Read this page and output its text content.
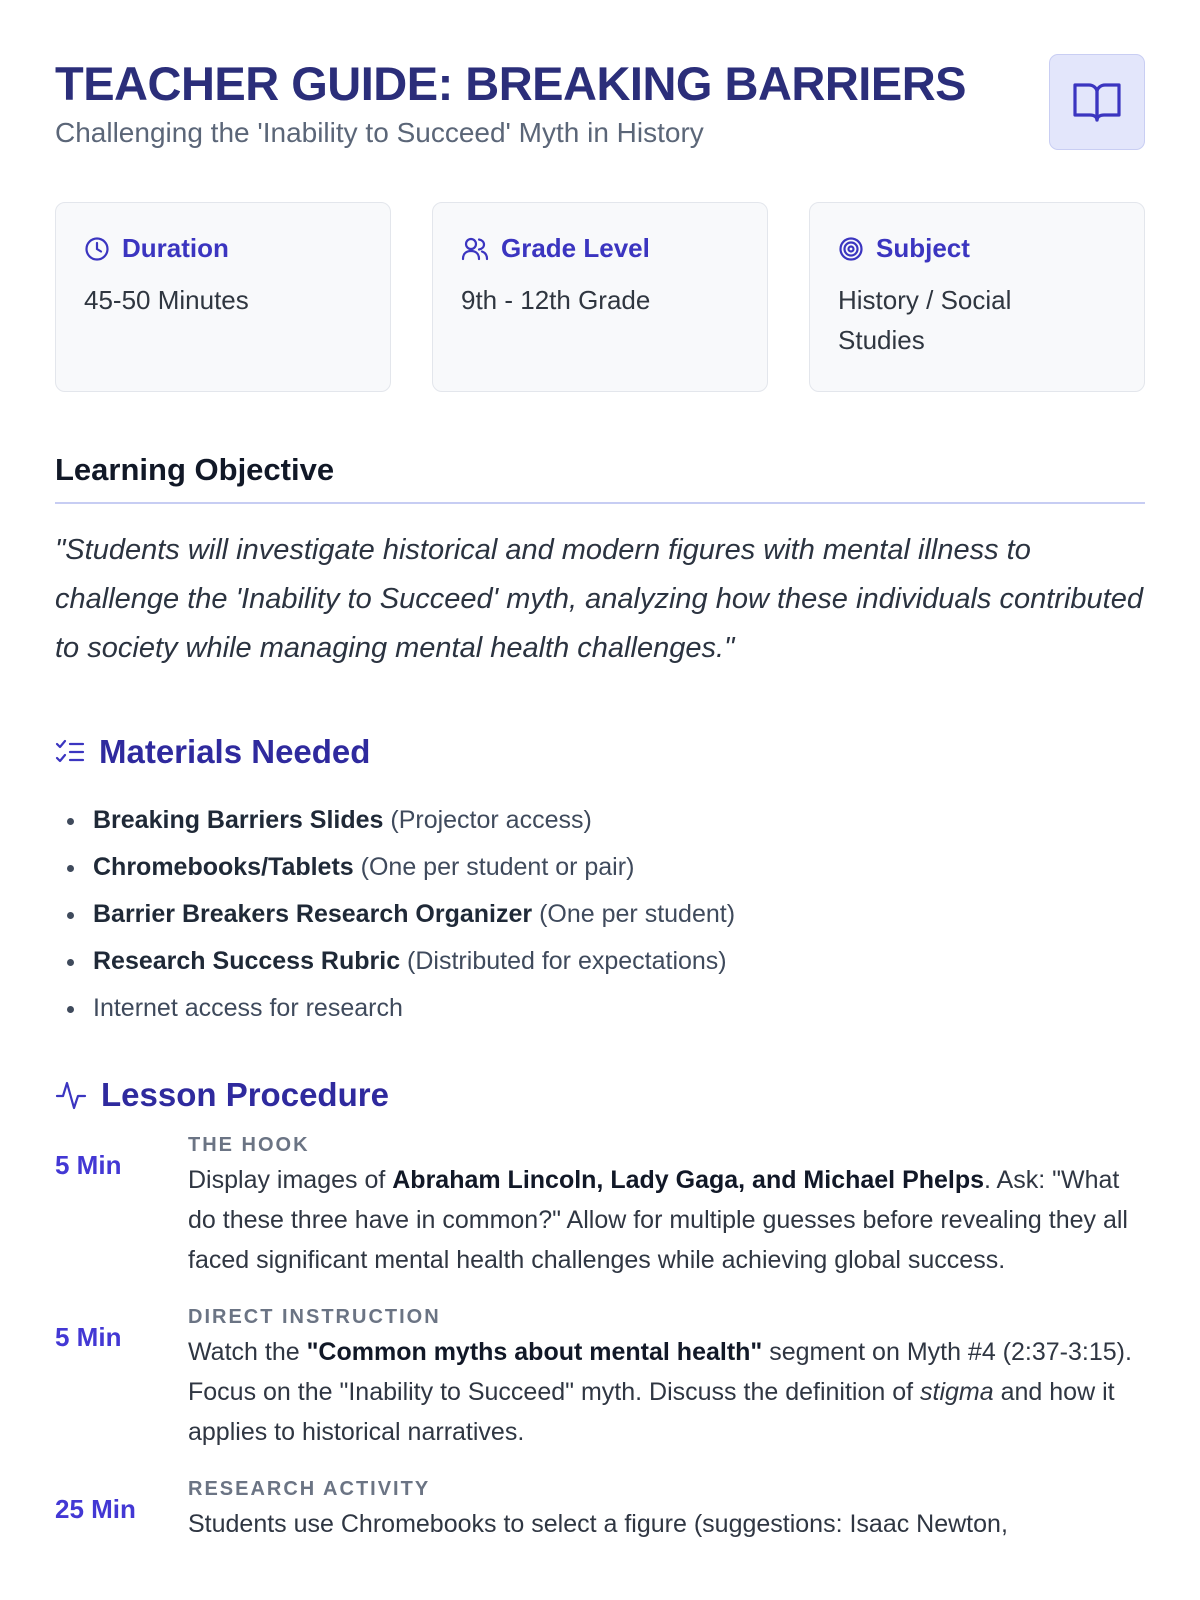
TEACHER GUIDE: BREAKING BARRIERS
Challenging the 'Inability to Succeed' Myth in History
Duration
45-50 Minutes
Grade Level
9th - 12th Grade
Subject
History / Social Studies
Learning Objective
"Students will investigate historical and modern figures with mental illness to challenge the 'Inability to Succeed' myth, analyzing how these individuals contributed to society while managing mental health challenges."
Materials Needed
Breaking Barriers Slides (Projector access)
Chromebooks/Tablets (One per student or pair)
Barrier Breakers Research Organizer (One per student)
Research Success Rubric (Distributed for expectations)
Internet access for research
Lesson Procedure
5 Min
THE HOOK
Display images of Abraham Lincoln, Lady Gaga, and Michael Phelps. Ask: "What do these three have in common?" Allow for multiple guesses before revealing they all faced significant mental health challenges while achieving global success.
5 Min
DIRECT INSTRUCTION
Watch the "Common myths about mental health" segment on Myth #4 (2:37-3:15). Focus on the "Inability to Succeed" myth. Discuss the definition of stigma and how it applies to historical narratives.
25 Min
RESEARCH ACTIVITY
Students use Chromebooks to select a figure (suggestions: Isaac Newton,
